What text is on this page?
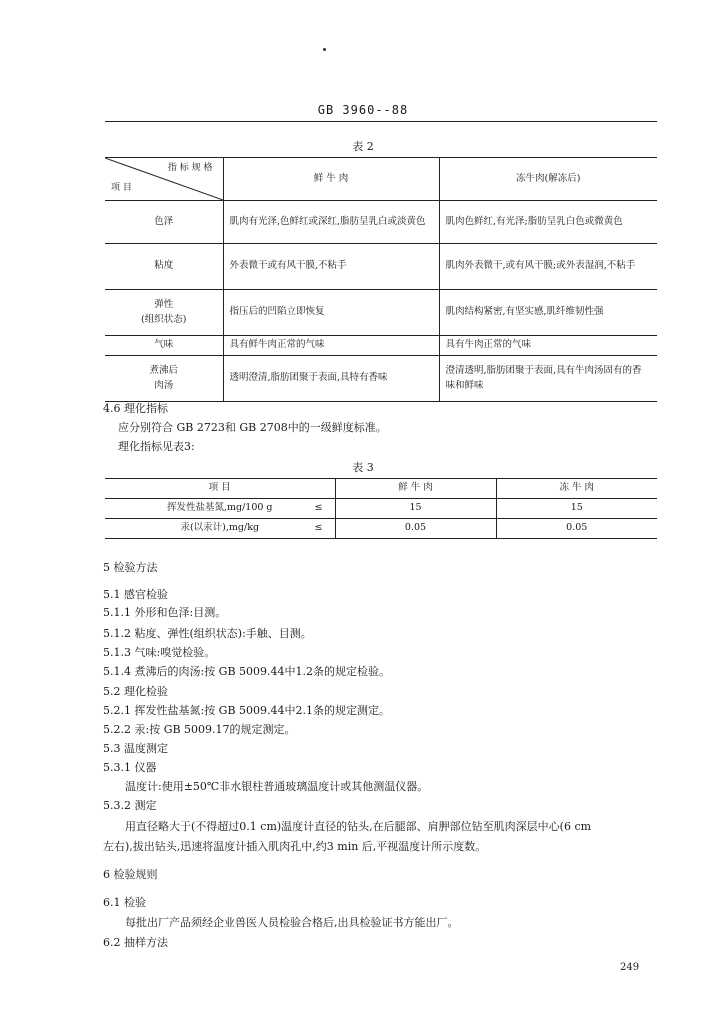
GB 3960--88
表 2
指 标 规 格
项 目	鲜 牛 肉	冻牛肉(解冻后)

色泽	肌肉有光泽,色鲜红或深红,脂肪呈乳白或淡黄色	肌肉色鲜红,有光泽;脂肪呈乳白色或微黄色

粘度	外表微干或有风干膜,不粘手	肌肉外表微干,或有风干膜;或外表湿润,不粘手

弹性
(组织状态)	指压后的凹陷立即恢复	肌肉结构紧密,有坚实感,肌纤维韧性强

气味	具有鲜牛肉正常的气味	具有牛肉正常的气味

煮沸后
肉汤	透明澄清,脂肪团聚于表面,具特有香味	澄清透明,脂肪团聚于表面,具有牛肉汤固有的香味和鲜味
4.6 理化指标
应分别符合 GB 2723和 GB 2708中的一级鲜度标准。
理化指标见表3:
表 3
项 目	鲜 牛 肉	冻 牛 肉
挥发性盐基氮,mg/100 g ≤	15	15
汞(以汞计),mg/kg ≤	0.05	0.05
5 检验方法
5.1 感官检验
5.1.1 外形和色泽:目测。
5.1.2 粘度、弹性(组织状态):手触、目测。
5.1.3 气味:嗅觉检验。
5.1.4 煮沸后的肉汤:按 GB 5009.44中1.2条的规定检验。
5.2 理化检验
5.2.1 挥发性盐基氮:按 GB 5009.44中2.1条的规定测定。
5.2.2 汞:按 GB 5009.17的规定测定。
5.3 温度测定
5.3.1 仪器
温度计:使用±50℃非水银柱普通玻璃温度计或其他测温仪器。
5.3.2 测定
用直径略大于(不得超过0.1 cm)温度计直径的钻头,在后腿部、肩胛部位钻至肌肉深层中心(6 cm
左右),拔出钻头,迅速将温度计插入肌肉孔中,约3 min 后,平视温度计所示度数。
6 检验规则
6.1 检验
每批出厂产品须经企业兽医人员检验合格后,出具检验证书方能出厂。
6.2 抽样方法
249
